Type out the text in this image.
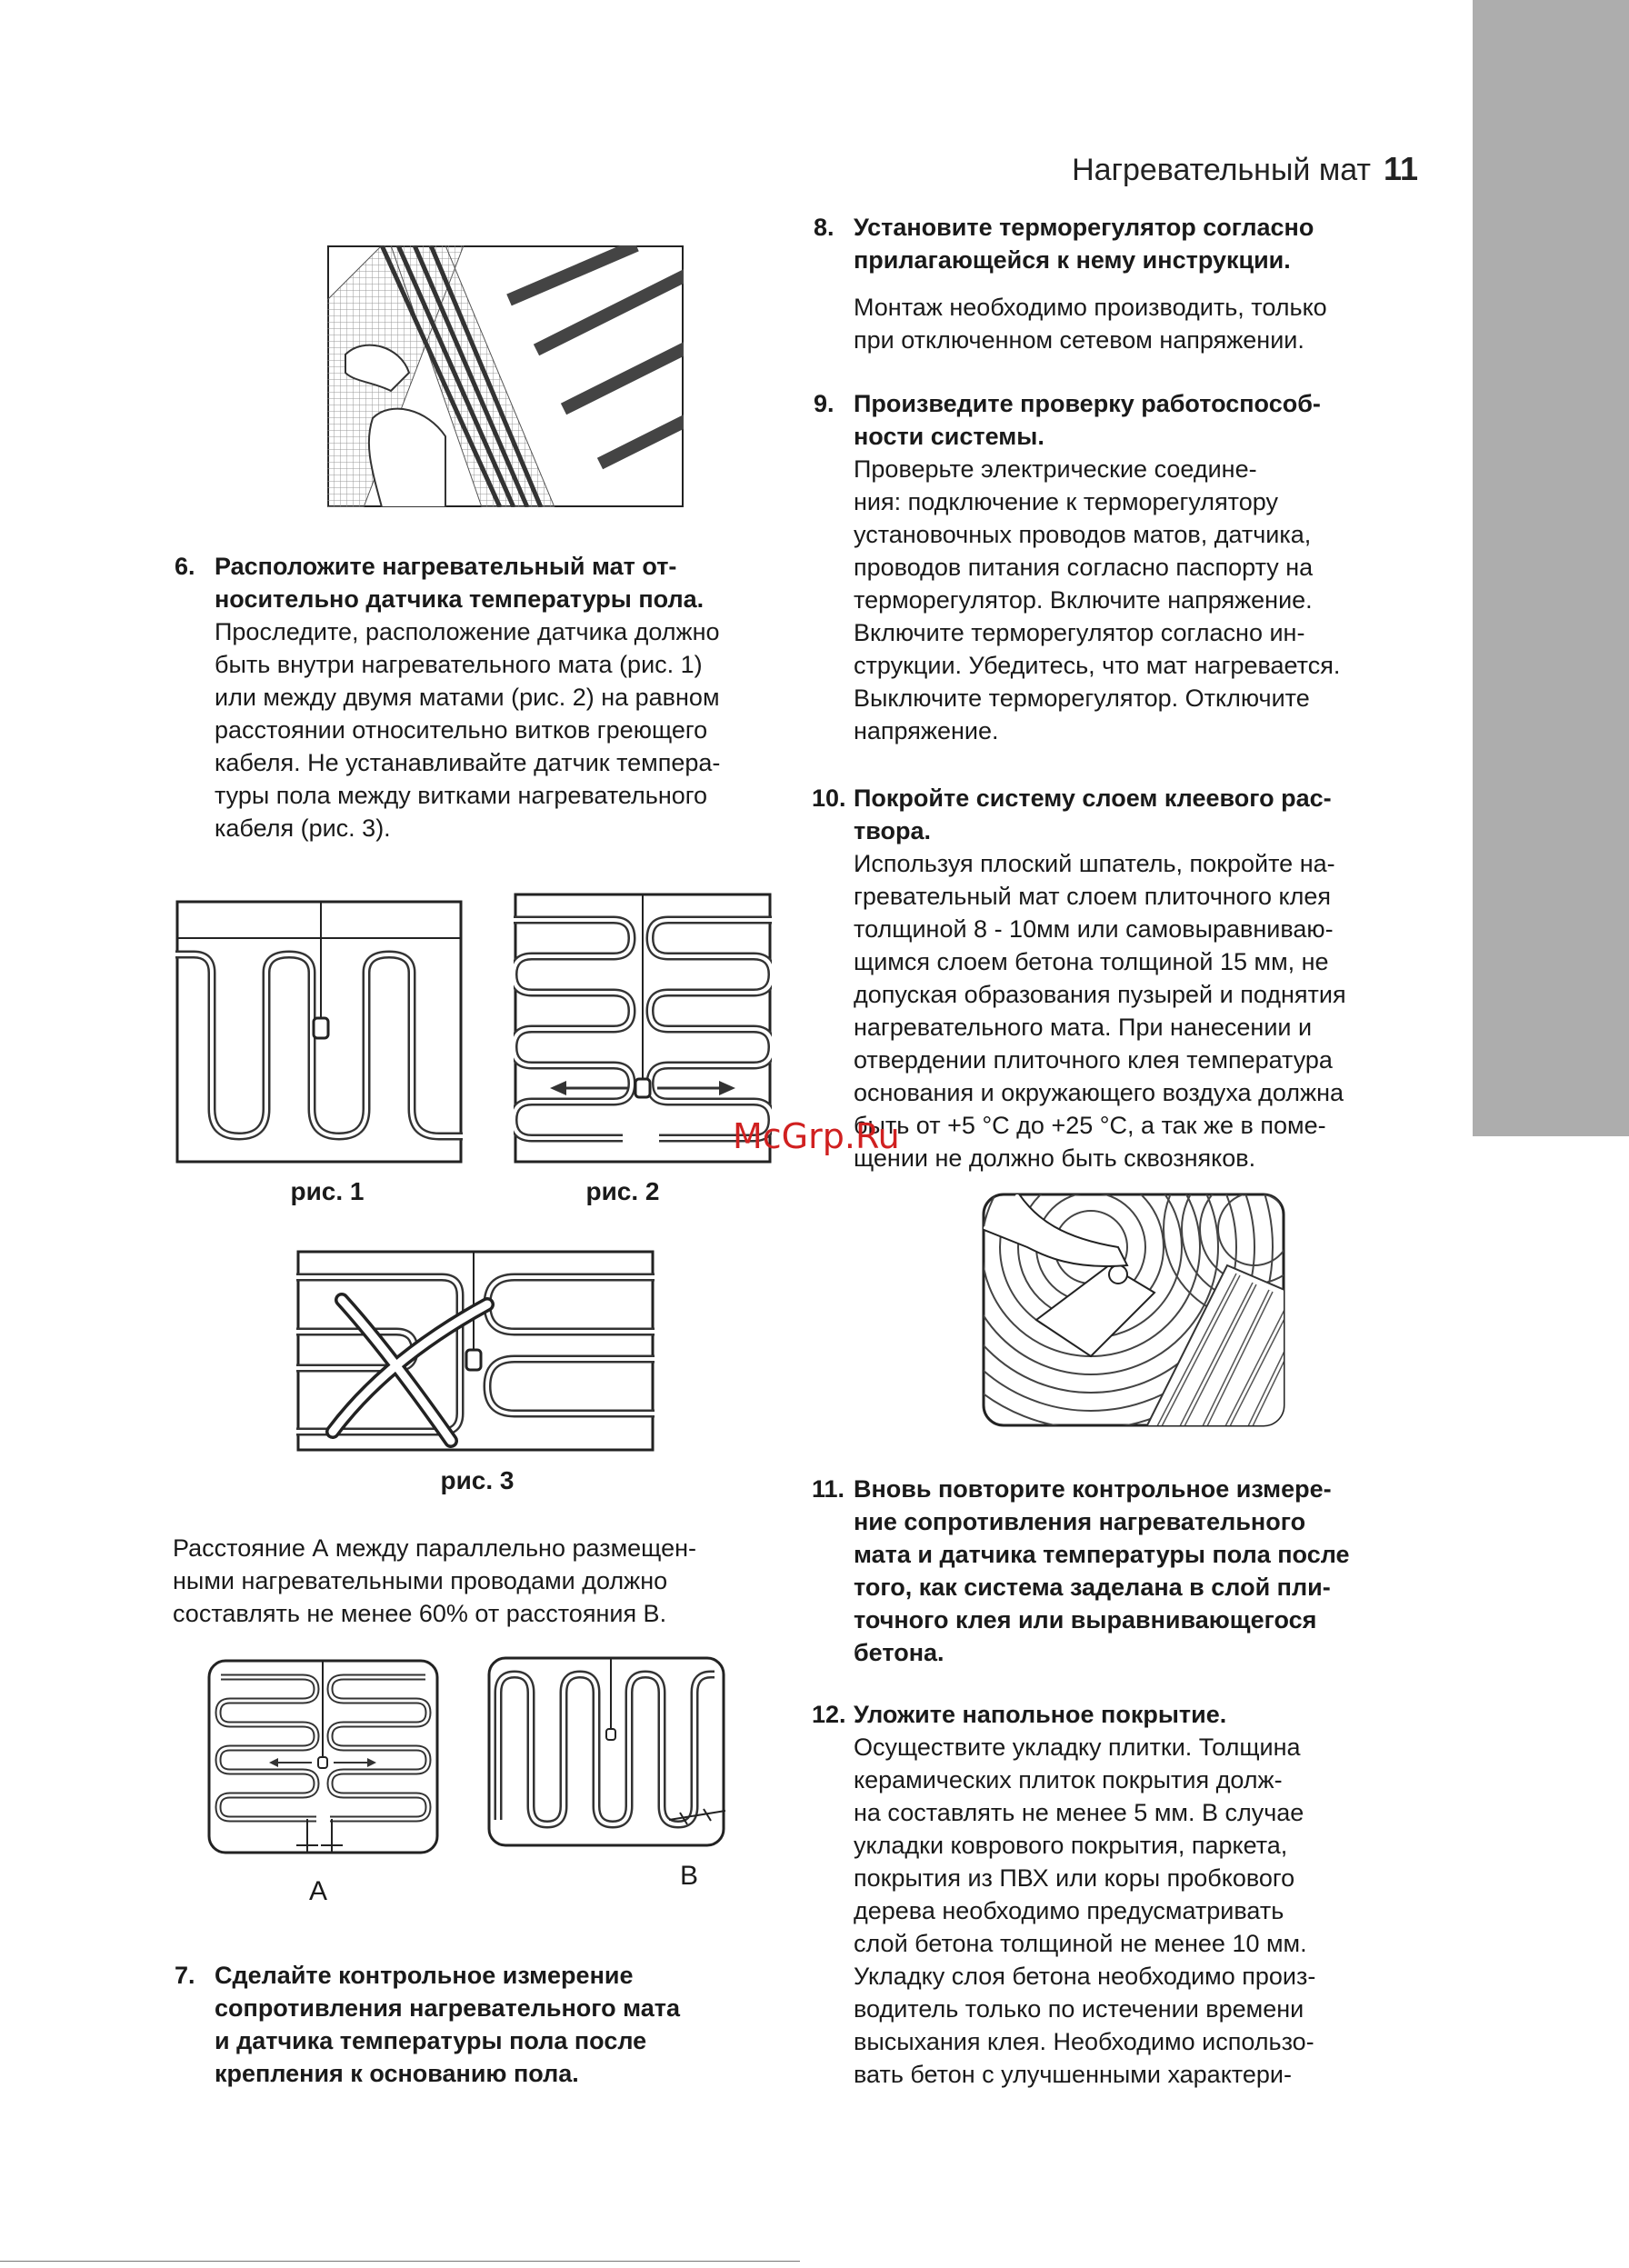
Нагревательный мат 11
6. Расположите нагревательный мат от-
носительно датчика температуры пола.
Проследите, расположение датчика должно
быть внутри нагревательного мата (рис. 1)
или между двумя матами (рис. 2) на равном
расстоянии относительно витков греющего
кабеля. Не устанавливайте датчик темпера-
туры пола между витками нагревательного
кабеля (рис. 3).
рис. 1	рис. 2
рис. 3
Расстояние А между параллельно размещен-
ными нагревательными проводами должно
составлять не менее 60% от расстояния В.
A
B
7. Сделайте контрольное измерение
сопротивления нагревательного мата
и датчика температуры пола после
крепления к основанию пола.
8. Установите терморегулятор согласно
прилагающейся к нему инструкции.
Монтаж необходимо производить, только
при отключенном сетевом напряжении.
9. Произведите проверку работоспособ-
ности системы.
Проверьте электрические соедине-
ния: подключение к терморегулятору
установочных проводов матов, датчика,
проводов питания согласно паспорту на
терморегулятор. Включите напряжение.
Включите терморегулятор согласно ин-
струкции. Убедитесь, что мат нагревается.
Выключите терморегулятор. Отключите
напряжение.
10. Покройте систему слоем клеевого рас-
твора.
Используя плоский шпатель, покройте на-
гревательный мат слоем плиточного клея
толщиной 8 - 10мм или самовыравниваю-
щимся слоем бетона толщиной 15 мм, не
допуская образования пузырей и поднятия
нагревательного мата. При нанесении и
отвердении плиточного клея температура
основания и окружающего воздуха должна
быть от +5 °С до +25 °С, а так же в поме-
щении не должно быть сквозняков.
McGrp.Ru
11. Вновь повторите контрольное измере-
ние сопротивления нагревательного
мата и датчика температуры пола после
того, как система заделана в слой пли-
точного клея или выравнивающегося
бетона.
12. Уложите напольное покрытие.
Осуществите укладку плитки. Толщина
керамических плиток покрытия долж-
на составлять не менее 5 мм. В случае
укладки коврового покрытия, паркета,
покрытия из ПВХ или коры пробкового
дерева необходимо предусматривать
слой бетона толщиной не менее 10 мм.
Укладку слоя бетона необходимо произ-
водитель только по истечении времени
высыхания клея. Необходимо использо-
вать бетон с улучшенными характери-
